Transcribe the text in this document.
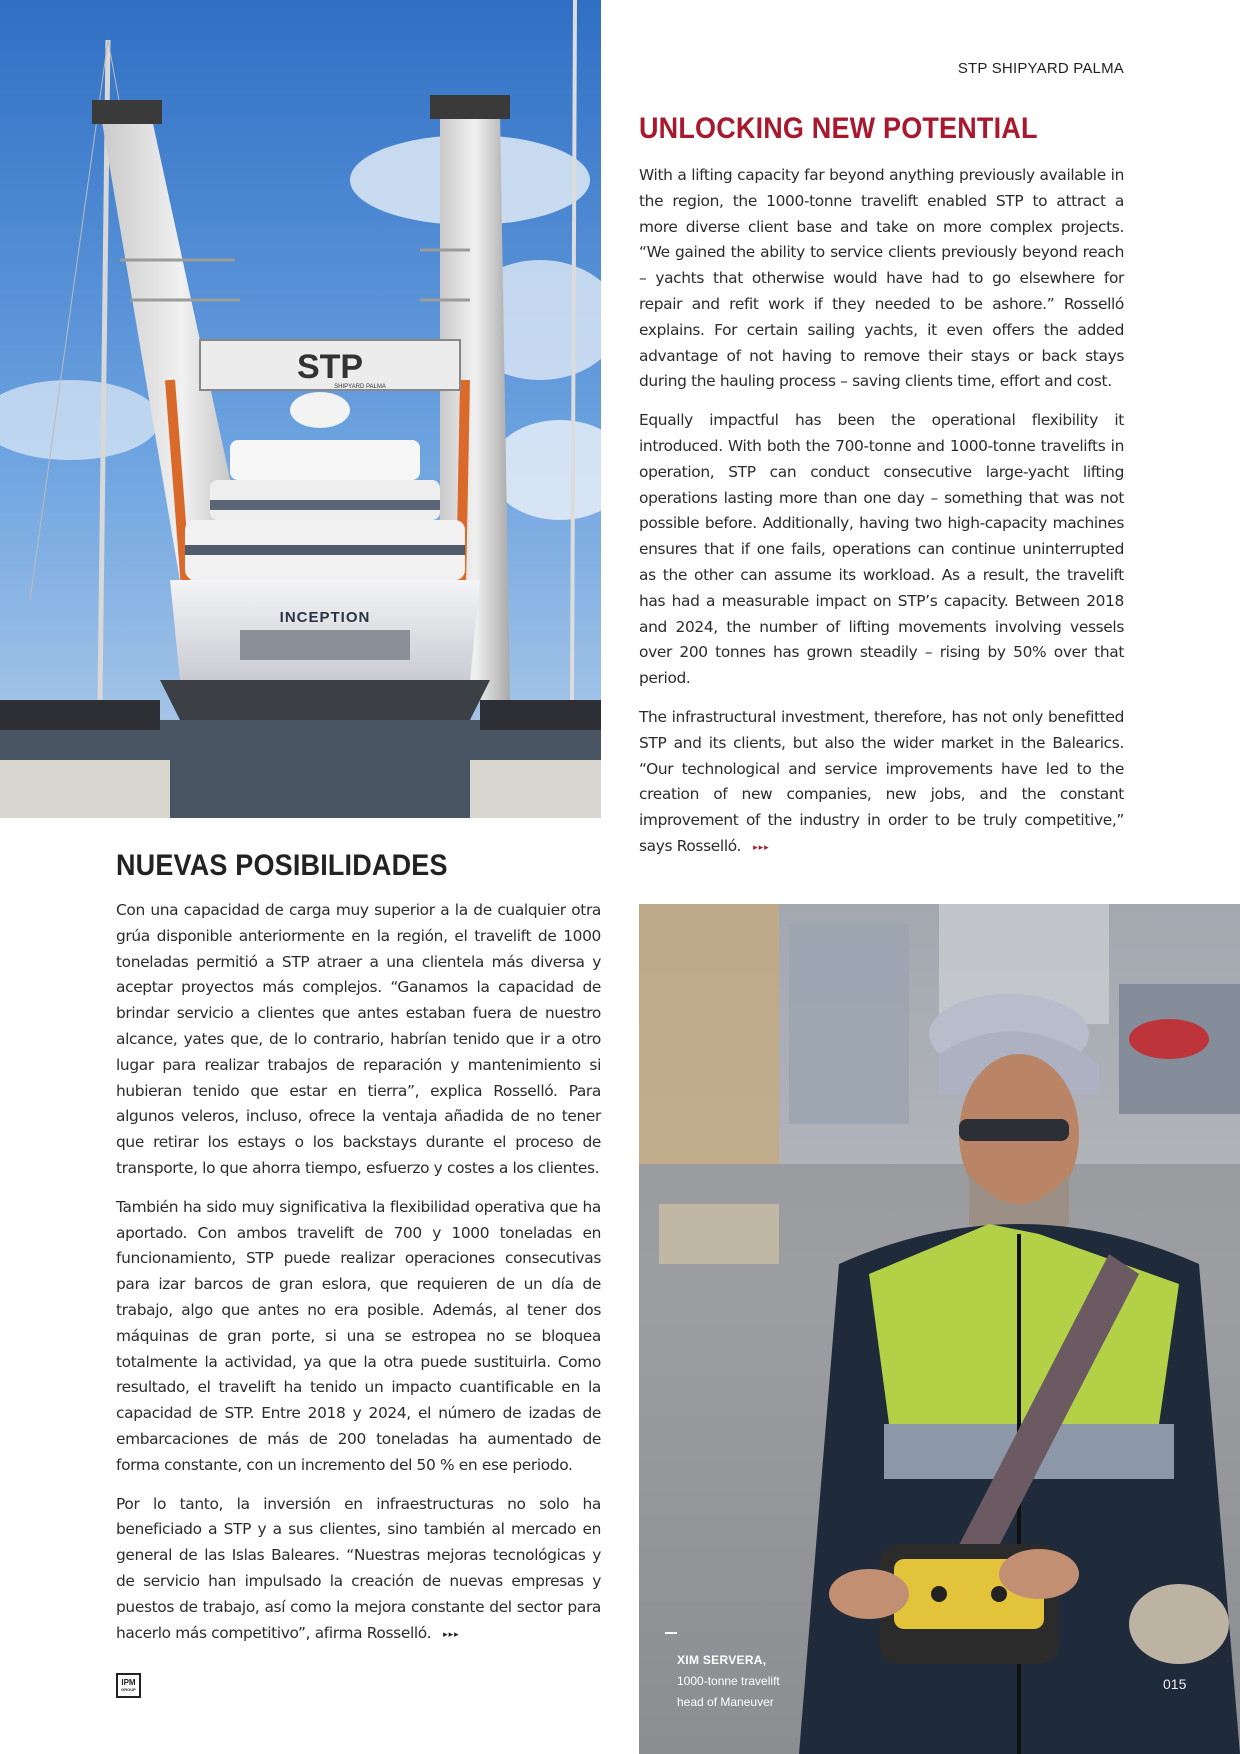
STP
SHIPYARD PALMA
INCEPTION
STP SHIPYARD PALMA
UNLOCKING NEW POTENTIAL

With a lifting capacity far beyond anything previously available in the region, the 1000-tonne travelift enabled STP to attract a more diverse client base and take on more complex projects. “We gained the ability to service clients previously beyond reach – yachts that otherwise would have had to go elsewhere for repair and refit work if they needed to be ashore.” Rosselló explains. For certain sailing yachts, it even offers the added advantage of not having to remove their stays or back stays during the hauling process – saving clients time, effort and cost.

Equally impactful has been the operational flexibility it introduced. With both the 700-tonne and 1000-tonne travelifts in operation, STP can conduct consecutive large-yacht lifting operations lasting more than one day – something that was not possible before. Additionally, having two high-capacity machines ensures that if one fails, operations can continue uninterrupted as the other can assume its workload. As a result, the travelift has had a measurable impact on STP’s capacity. Between 2018 and 2024, the number of lifting movements involving vessels over 200 tonnes has grown steadily – rising by 50% over that period.

The infrastructural investment, therefore, has not only benefitted STP and its clients, but also the wider market in the Balearics. “Our technological and service improvements have led to the creation of new companies, new jobs, and the constant improvement of the industry in order to be truly competitive,” says Rosselló. ▸▸▸

NUEVAS POSIBILIDADES

Con una capacidad de carga muy superior a la de cualquier otra grúa disponible anteriormente en la región, el travelift de 1000 toneladas permitió a STP atraer a una clientela más diversa y aceptar proyectos más complejos. “Ganamos la capacidad de brindar servicio a clientes que antes estaban fuera de nuestro alcance, yates que, de lo contrario, habrían tenido que ir a otro lugar para realizar trabajos de reparación y mantenimiento si hubieran tenido que estar en tierra”, explica Rosselló. Para algunos veleros, incluso, ofrece la ventaja añadida de no tener que retirar los estays o los backstays durante el proceso de transporte, lo que ahorra tiempo, esfuerzo y costes a los clientes.

También ha sido muy significativa la flexibilidad operativa que ha aportado. Con ambos travelift de 700 y 1000 toneladas en funcionamiento, STP puede realizar operaciones consecutivas para izar barcos de gran eslora, que requieren de un día de trabajo, algo que antes no era posible. Además, al tener dos máquinas de gran porte, si una se estropea no se bloquea totalmente la actividad, ya que la otra puede sustituirla. Como resultado, el travelift ha tenido un impacto cuantificable en la capacidad de STP. Entre 2018 y 2024, el número de izadas de embarcaciones de más de 200 toneladas ha aumentado de forma constante, con un incremento del 50 % en ese periodo.

Por lo tanto, la inversión en infraestructuras no solo ha beneficiado a STP y a sus clientes, sino también al mercado en general de las Islas Baleares. “Nuestras mejoras tecnológicas y de servicio han impulsado la creación de nuevas empresas y puestos de trabajo, así como la mejora constante del sector para hacerlo más competitivo”, afirma Rosselló. ▸▸▸

XIM SERVERA,
1000-tonne travelift
head of Maneuver
IPM
GROUP	015
